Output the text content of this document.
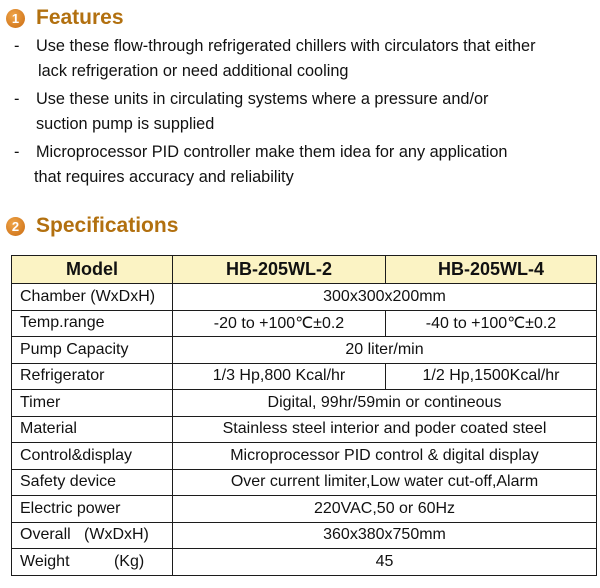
1 Features
-	Use these flow-through refrigerated chillers with circulators that either
lack refrigeration or need additional cooling
-	Use these units in circulating systems where a pressure and/or
suction pump is supplied
-	Microprocessor PID controller make them idea for any application
that requires accuracy and reliability
2 Specifications
Model	HB-205WL-2	HB-205WL-4
Chamber (WxDxH)	300x300x200mm	
Temp.range	-20 to +100℃±0.2	-40 to +100℃±0.2
Pump Capacity	20 liter/min	
Refrigerator	1/3 Hp,800 Kcal/hr	1/2 Hp,1500Kcal/hr
Timer	Digital, 99hr/59min or contineous	
Material	Stainless steel interior and poder coated steel	
Control&display	Microprocessor PID control & digital display	
Safety device	Over current limiter,Low water cut-off,Alarm	
Electric power	220VAC,50 or 60Hz	
Overall   (WxDxH)	360x380x750mm	
Weight          (Kg)	45	
